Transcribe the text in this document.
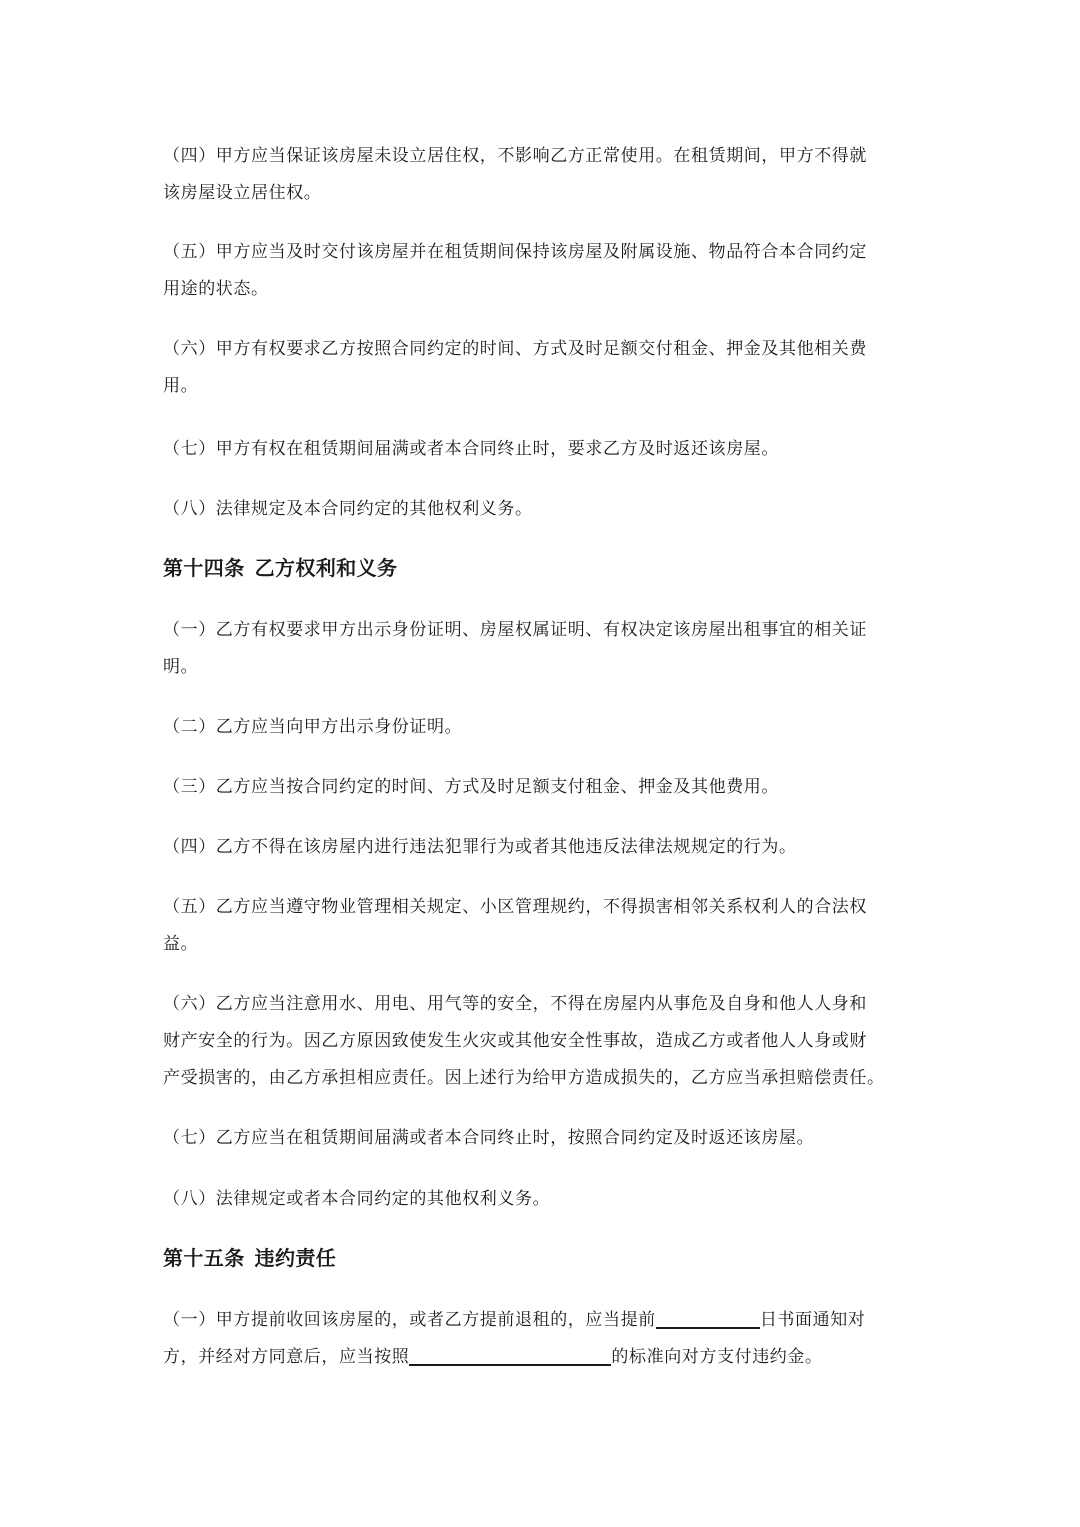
（四）甲方应当保证该房屋未设立居住权，不影响乙方正常使用。在租赁期间，甲方不得就
该房屋设立居住权。

（五）甲方应当及时交付该房屋并在租赁期间保持该房屋及附属设施、物品符合本合同约定
用途的状态。

（六）甲方有权要求乙方按照合同约定的时间、方式及时足额交付租金、押金及其他相关费
用。

（七）甲方有权在租赁期间届满或者本合同终止时，要求乙方及时返还该房屋。

（八）法律规定及本合同约定的其他权利义务。

第十四条 乙方权利和义务

（一）乙方有权要求甲方出示身份证明、房屋权属证明、有权决定该房屋出租事宜的相关证
明。

（二）乙方应当向甲方出示身份证明。

（三）乙方应当按合同约定的时间、方式及时足额支付租金、押金及其他费用。

（四）乙方不得在该房屋内进行违法犯罪行为或者其他违反法律法规规定的行为。

（五）乙方应当遵守物业管理相关规定、小区管理规约，不得损害相邻关系权利人的合法权
益。

（六）乙方应当注意用水、用电、用气等的安全，不得在房屋内从事危及自身和他人人身和
财产安全的行为。因乙方原因致使发生火灾或其他安全性事故，造成乙方或者他人人身或财
产受损害的，由乙方承担相应责任。因上述行为给甲方造成损失的，乙方应当承担赔偿责任。

（七）乙方应当在租赁期间届满或者本合同终止时，按照合同约定及时返还该房屋。

（八）法律规定或者本合同约定的其他权利义务。

第十五条 违约责任

（一）甲方提前收回该房屋的，或者乙方提前退租的，应当提前	日书面通知对
方，并经对方同意后，应当按照	的标准向对方支付违约金。
